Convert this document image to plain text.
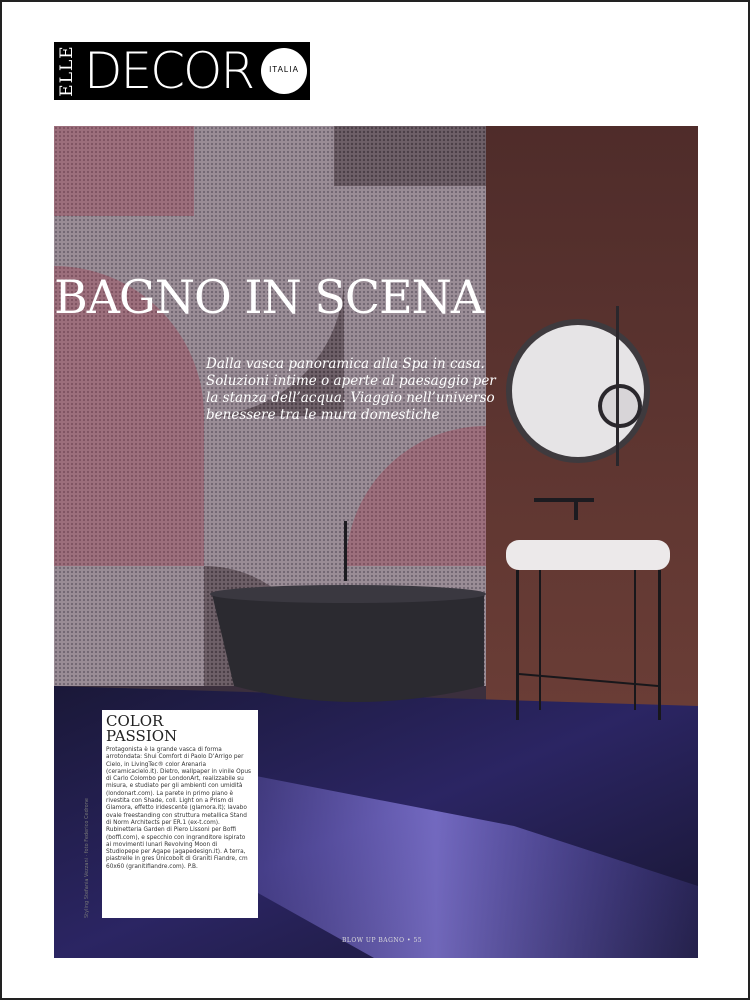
ELLE DECOR	ITALIA
BAGNO IN SCENA
Dalla vasca panoramica alla Spa in casa. Soluzioni intime o aperte al paesaggio per la stanza dell’acqua. Viaggio nell’universo benessere tra le mura domestiche
COLOR PASSION
Protagonista è la grande vasca di forma arrotondata: Shui Comfort di Paolo D’Arrigo per Cielo, in LivingTec® color Arenaria (ceramicacielo.it). Dietro, wallpaper in vinile Opus di Carlo Colombo per LondonArt, realizzabile su misura, e studiato per gli ambienti con umidità (londonart.com). La parete in primo piano è rivestita con Shade, coll. Light on a Prism di Glamora, effetto iridescente (glamora.it); lavabo ovale freestanding con struttura metallica Stand di Norm Architects per ER.1 (ex-t.com). Rubinetteria Garden di Piero Lissoni per Boffi (boffi.com), e specchio con ingranditore ispirato ai movimenti lunari Revolving Moon di Studiopepe per Agape (agapedesign.it). A terra, piastrelle in gres Unicobolt di Graniti Fiandre, cm 60x60 (granitifiandre.com). P.B.
Styling Stefania Vezzani · foto Federico Cedrone
BLOW UP BAGNO • 55
